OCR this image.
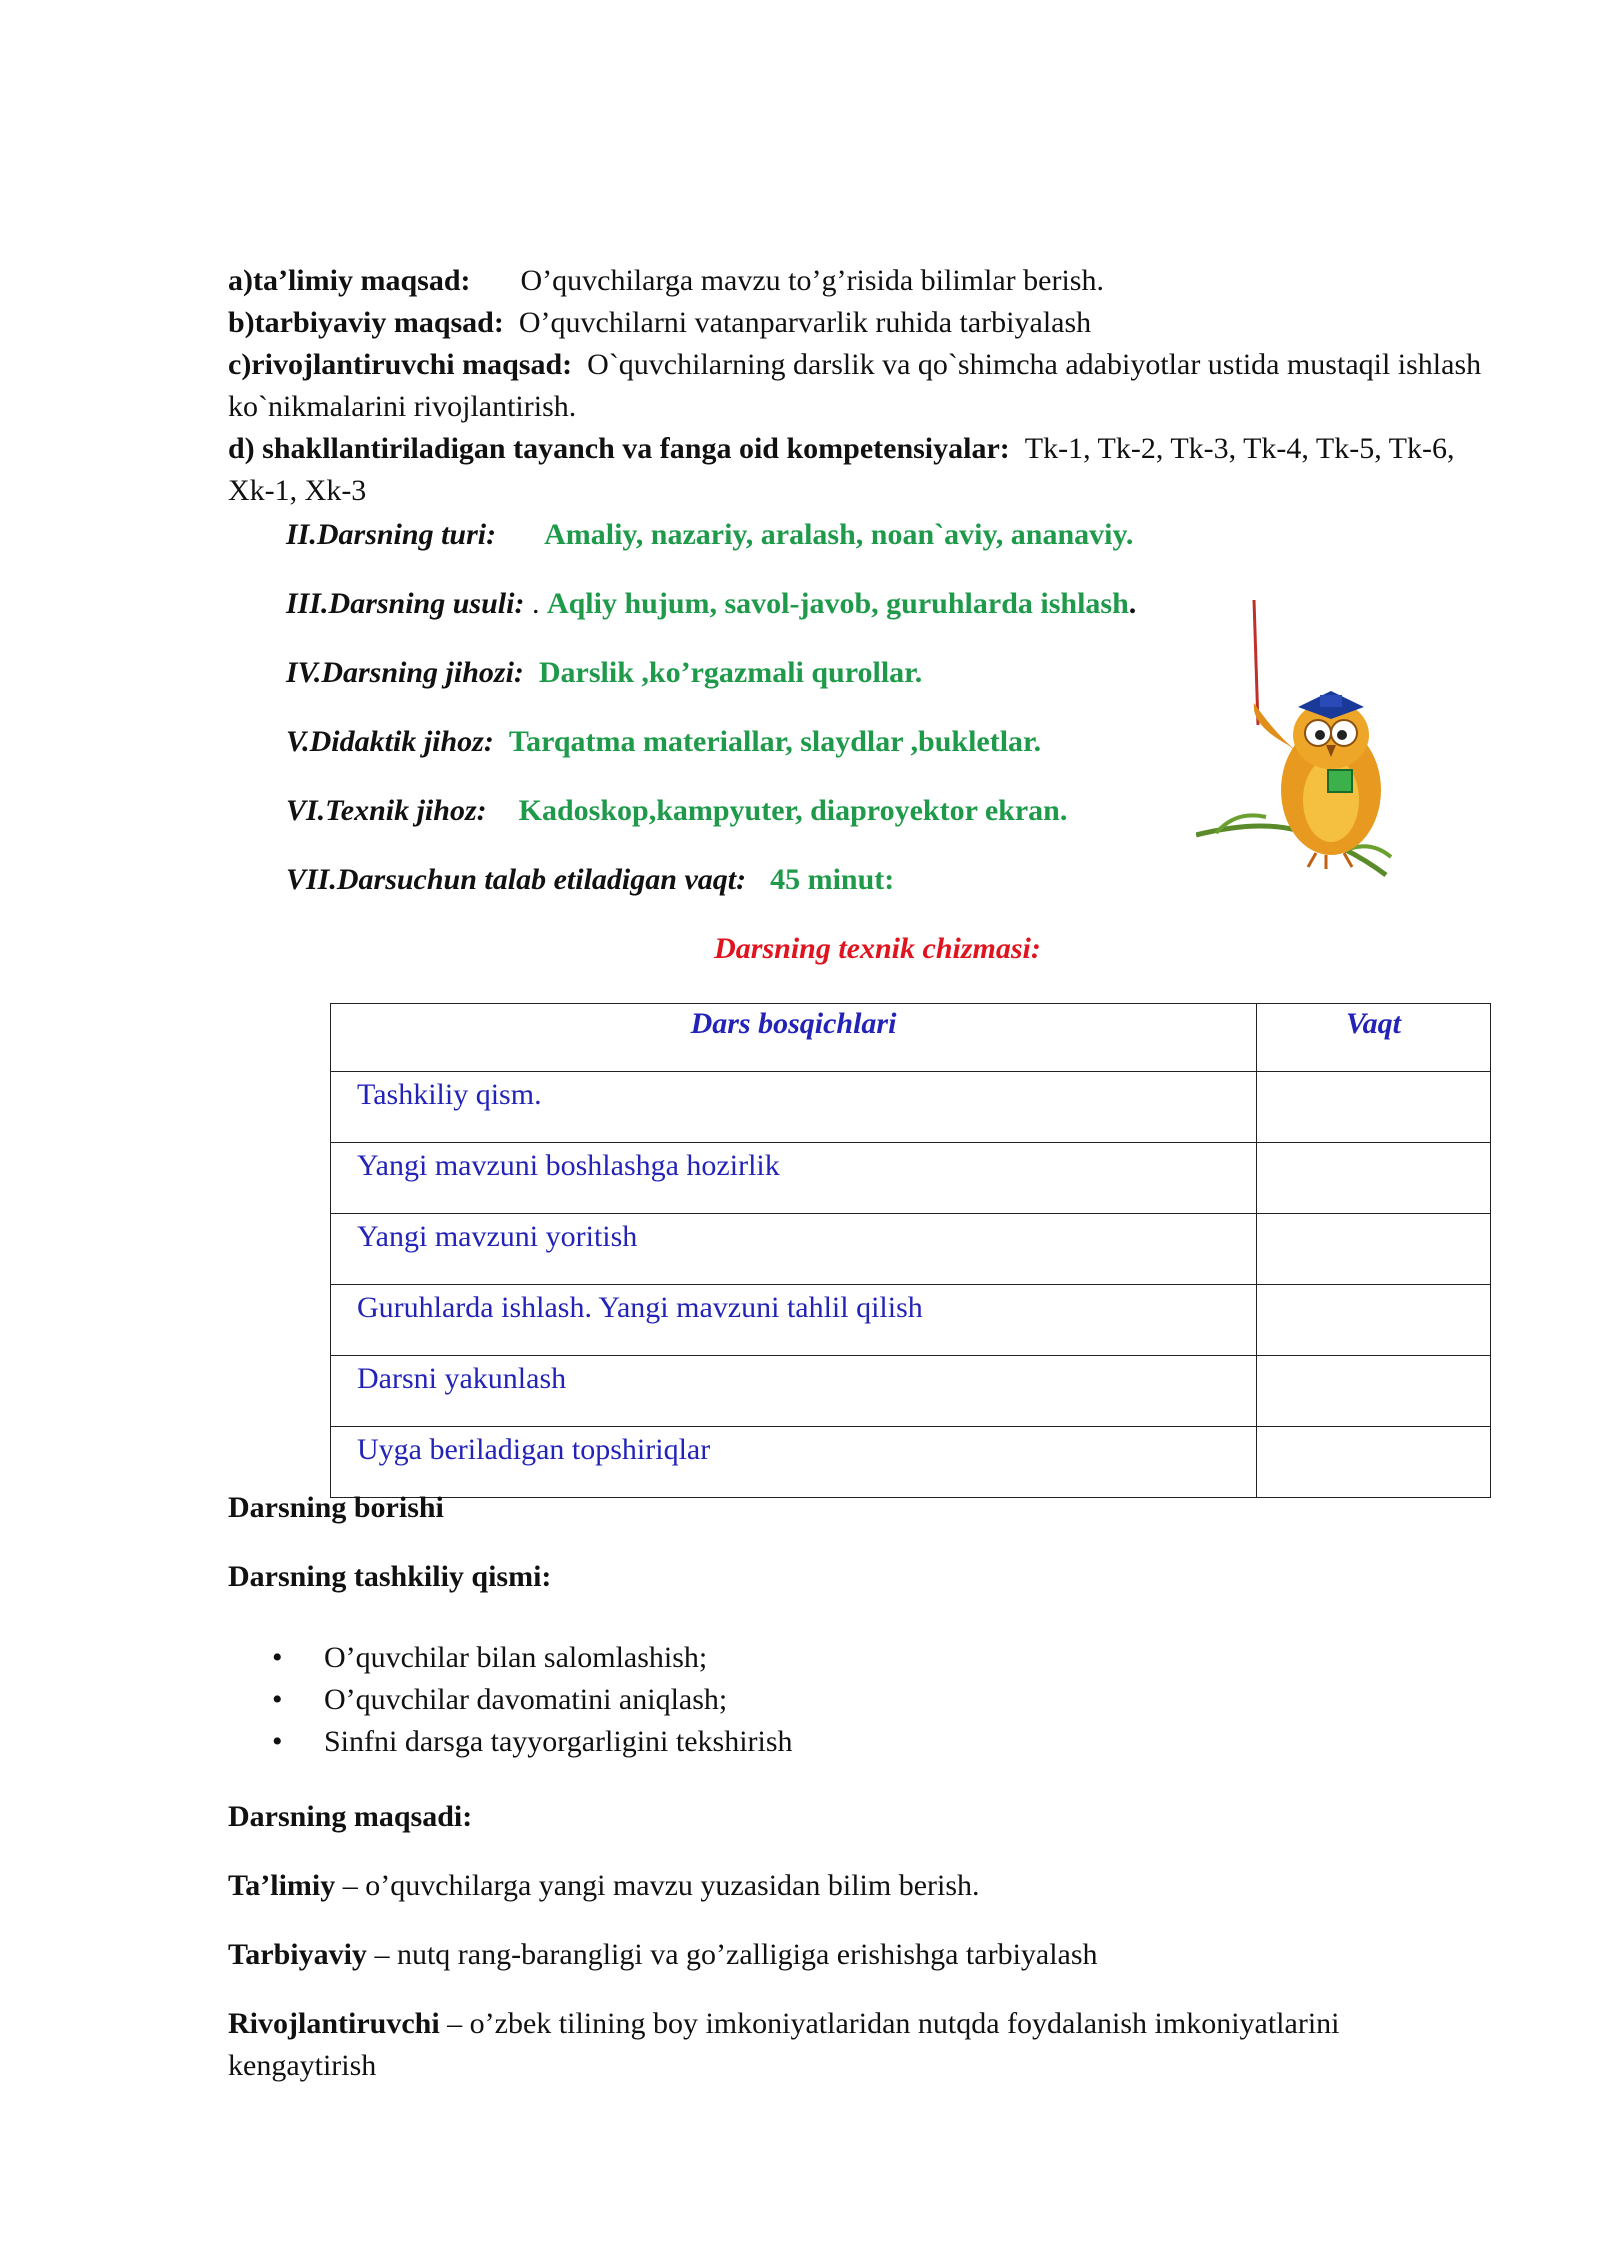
a)ta’limiy maqsad: O’quvchilarga mavzu to’g’risida bilimlar berish.
b)tarbiyaviy maqsad: O’quvchilarni vatanparvarlik ruhida tarbiyalash
c)rivojlantiruvchi maqsad: O`quvchilarning darslik va qo`shimcha adabiyotlar ustida mustaqil ishlash ko`nikmalarini rivojlantirish.
d) shakllantiriladigan tayanch va fanga oid kompetensiyalar: Tk-1, Tk-2, Tk-3, Tk-4, Tk-5, Tk-6, Xk-1, Xk-3
II.Darsning turi: Amaliy, nazariy, aralash, noan`aviy, ananaviy.
III.Darsning usuli: . Aqliy hujum, savol-javob, guruhlarda ishlash.
IV.Darsning jihozi: Darslik ,ko’rgazmali qurollar.
V.Didaktik jihoz: Tarqatma materiallar, slaydlar ,bukletlar.
VI.Texnik jihoz: Kadoskop,kampyuter, diaproyektor ekran.
VII.Darsuchun talab etiladigan vaqt: 45 minut:
Darsning texnik chizmasi:
Dars bosqichlari	Vaqt
Tashkiliy qism.	
Yangi mavzuni boshlashga hozirlik	
Yangi mavzuni yoritish	
Guruhlarda ishlash. Yangi mavzuni tahlil qilish	
Darsni yakunlash	
Uyga beriladigan topshiriqlar	
Darsning borishi
Darsning tashkiliy qismi:
• O’quvchilar bilan salomlashish;
• O’quvchilar davomatini aniqlash;
• Sinfni darsga tayyorgarligini tekshirish
Darsning maqsadi:
Ta’limiy – o’quvchilarga yangi mavzu yuzasidan bilim berish.
Tarbiyaviy – nutq rang-barangligi va go’zalligiga erishishga tarbiyalash
Rivojlantiruvchi – o’zbek tilining boy imkoniyatlaridan nutqda foydalanish imkoniyatlarini kengaytirish
